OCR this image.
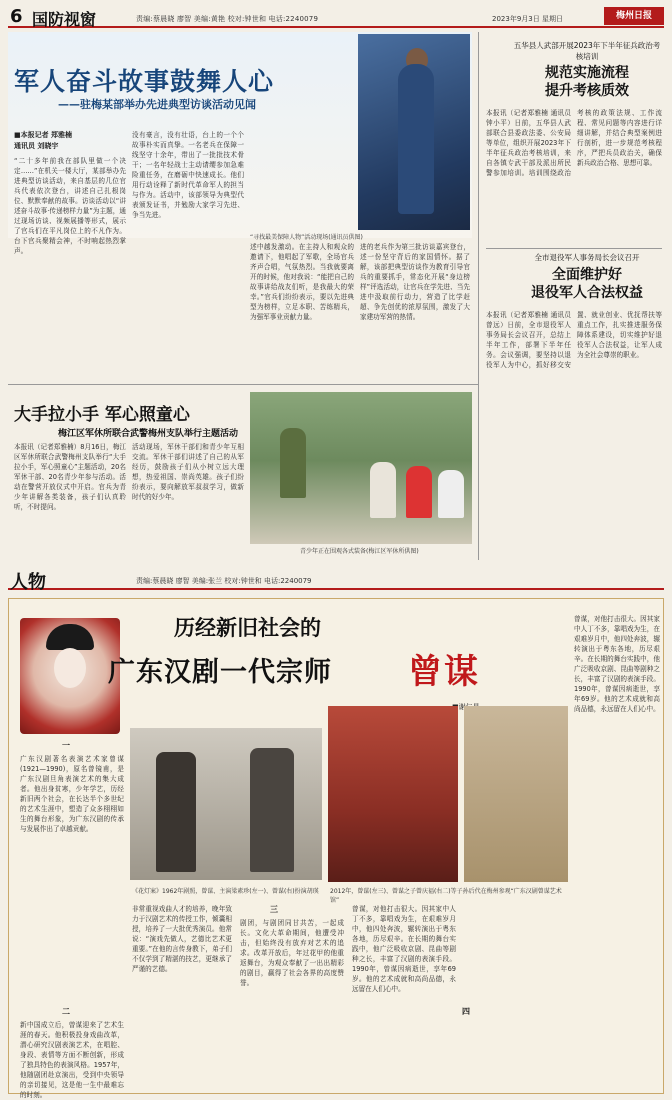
6 国防视窗	责编:蔡晨晓 廖智 美编:黄艳 校对:钟世和 电话:2240079	2023年9月3日 星期日	梅州日报
军人奋斗故事鼓舞人心
——驻梅某部举办先进典型访谈活动见闻
“寻找最美保障人物”活动现场(通讯员供图)
■本报记者 郑雅楠
通讯员 刘晓宇
“二十多年前我在部队里做一个决定……”在机关一楼大厅，某部举办先进典型访谈活动，来自基层的几位官兵代表依次登台，讲述自己扎根岗位、默默奉献的故事。访谈活动以“讲述奋斗故事·传递榜样力量”为主题，通过现场访谈、视频展播等形式，展示了官兵们在平凡岗位上的不凡作为。台下官兵聚精会神，不时响起热烈掌声。
没有豪言，没有壮语，台上的一个个故事朴实而真挚。一名老兵在保障一线坚守十余年，带出了一批批技术骨干；一名年轻战士主动请缨参加急难险重任务，在磨砺中快速成长。他们用行动诠释了新时代革命军人的担当与作为。活动中，该部领导为典型代表颁发证书，并勉励大家学习先进、争当先进。
述中越发激动。在主持人和观众的邀请下，他唱起了军歌，全场官兵齐声合唱，气氛热烈。当我就要离开的时候，他对我说：“能把自己的故事讲给战友们听，是我最大的荣幸。”官兵们纷纷表示，要以先进典型为榜样，立足本职、苦练精兵，为强军事业贡献力量。
进的老兵作为第三批访谈嘉宾登台，述一份坚守背后的家国情怀。据了解，该部把典型访谈作为教育引导官兵的重要抓手，常态化开展“身边榜样”评选活动，让官兵在学先进、当先进中汲取前行动力，营造了比学赶超、争先创优的浓厚氛围，激发了大家建功军营的热情。
五华县人武部开展2023年下半年征兵政治考核培训
规范实施流程
提升考核质效
本报讯（记者郑雅楠 通讯员钟小平）日前，五华县人武部联合县委政法委、公安局等单位，组织开展2023年下半年征兵政治考核培训，来自各镇专武干部及派出所民警参加培训。培训围绕政治考核的政策法规、工作流程、常见问题等内容进行详细讲解，并结合典型案例进行剖析，进一步规范考核程序，严把兵员政治关，确保新兵政治合格、思想可靠。
全市退役军人事务局长会议召开
全面维护好
退役军人合法权益
本报讯（记者郑雅楠 通讯员曾远）日前，全市退役军人事务局长会议召开，总结上半年工作，部署下半年任务。会议强调，要坚持以退役军人为中心，抓好移交安置、就业创业、优抚帮扶等重点工作，扎实推进服务保障体系建设，切实维护好退役军人合法权益，让军人成为全社会尊崇的职业。
大手拉小手 军心照童心
梅江区军休所联合武警梅州支队举行主题活动
青少年正在围观各式装备(梅江区军休所供图)
本报讯（记者郑雅楠）8月16日，梅江区军休所联合武警梅州支队举行“大手拉小手，军心照童心”主题活动，20名军休干部、20名青少年参与活动。活动在警营开放仪式中开启。官兵为青少年讲解各类装备，孩子们认真聆听，不时提问。
活动现场，军休干部们和青少年互相交流。军休干部们讲述了自己的从军经历，鼓励孩子们从小树立远大理想，热爱祖国、崇尚英雄。孩子们纷纷表示，要向解放军叔叔学习，做新时代的好少年。
人物	责编:蔡晨晓 廖智 美编:张兰 校对:钟世和 电话:2240079
历经新旧社会的
广东汉剧一代宗师 曾谋
《花灯案》1962年剧照，曾谋、主演梁素珍(左一)、曾谋(右)扮演胡瑛	2012年，曾谋(左三)、曾谋之子曾庆福(右二)等子孙后代在梅州参观“广东汉剧曾谋艺术馆”
一
广东汉剧著名表演艺术家曾谋(1921—1990)，原名曾镜甫，是广东汉剧旦角表演艺术的集大成者。他出身贫寒，少年学艺，历经新旧两个社会，在长达半个多世纪的艺术生涯中，塑造了众多栩栩如生的舞台形象，为广东汉剧的传承与发展作出了卓越贡献。
二
新中国成立后，曾谋迎来了艺术生涯的春天。他积极投身戏曲改革，潜心研究汉剧表演艺术，在唱腔、身段、表情等方面不断创新，形成了独具特色的表演风格。1957年，他随剧团赴京演出，受到中央领导的亲切接见，这是他一生中最难忘的时刻。
非常重视戏曲人才的培养，晚年致力于汉剧艺术的传授工作，倾囊相授，培养了一大批优秀演员。他常说：“演戏先做人，艺德比艺术更重要。”在他的言传身教下，弟子们不仅学到了精湛的技艺，更继承了严谨的艺德。
三
剧团，与剧团同甘共苦，一起成长。文化大革命期间，他遭受冲击，但始终没有放弃对艺术的追求。改革开放后，年过花甲的他重返舞台，为观众奉献了一出出精彩的剧目，赢得了社会各界的高度赞誉。
四
曾谋，对他打击很大。因其家中人丁不多，靠唱戏为生，在艰难岁月中，他四处奔波，辗转演出于粤东各地，历尽艰辛。在长期的舞台实践中，他广泛吸收京剧、昆曲等剧种之长，丰富了汉剧的表演手段。1990年，曾谋因病逝世，享年69岁。他的艺术成就和高尚品德，永远留在人们心中。
曾谋，对他打击很大。因其家中人丁不多，靠唱戏为生，在艰难岁月中，他四处奔波，辗转演出于粤东各地，历尽艰辛。在长期的舞台实践中，他广泛吸收京剧、昆曲等剧种之长，丰富了汉剧的表演手段。1990年，曾谋因病逝世，享年69岁。他的艺术成就和高尚品德，永远留在人们心中。
